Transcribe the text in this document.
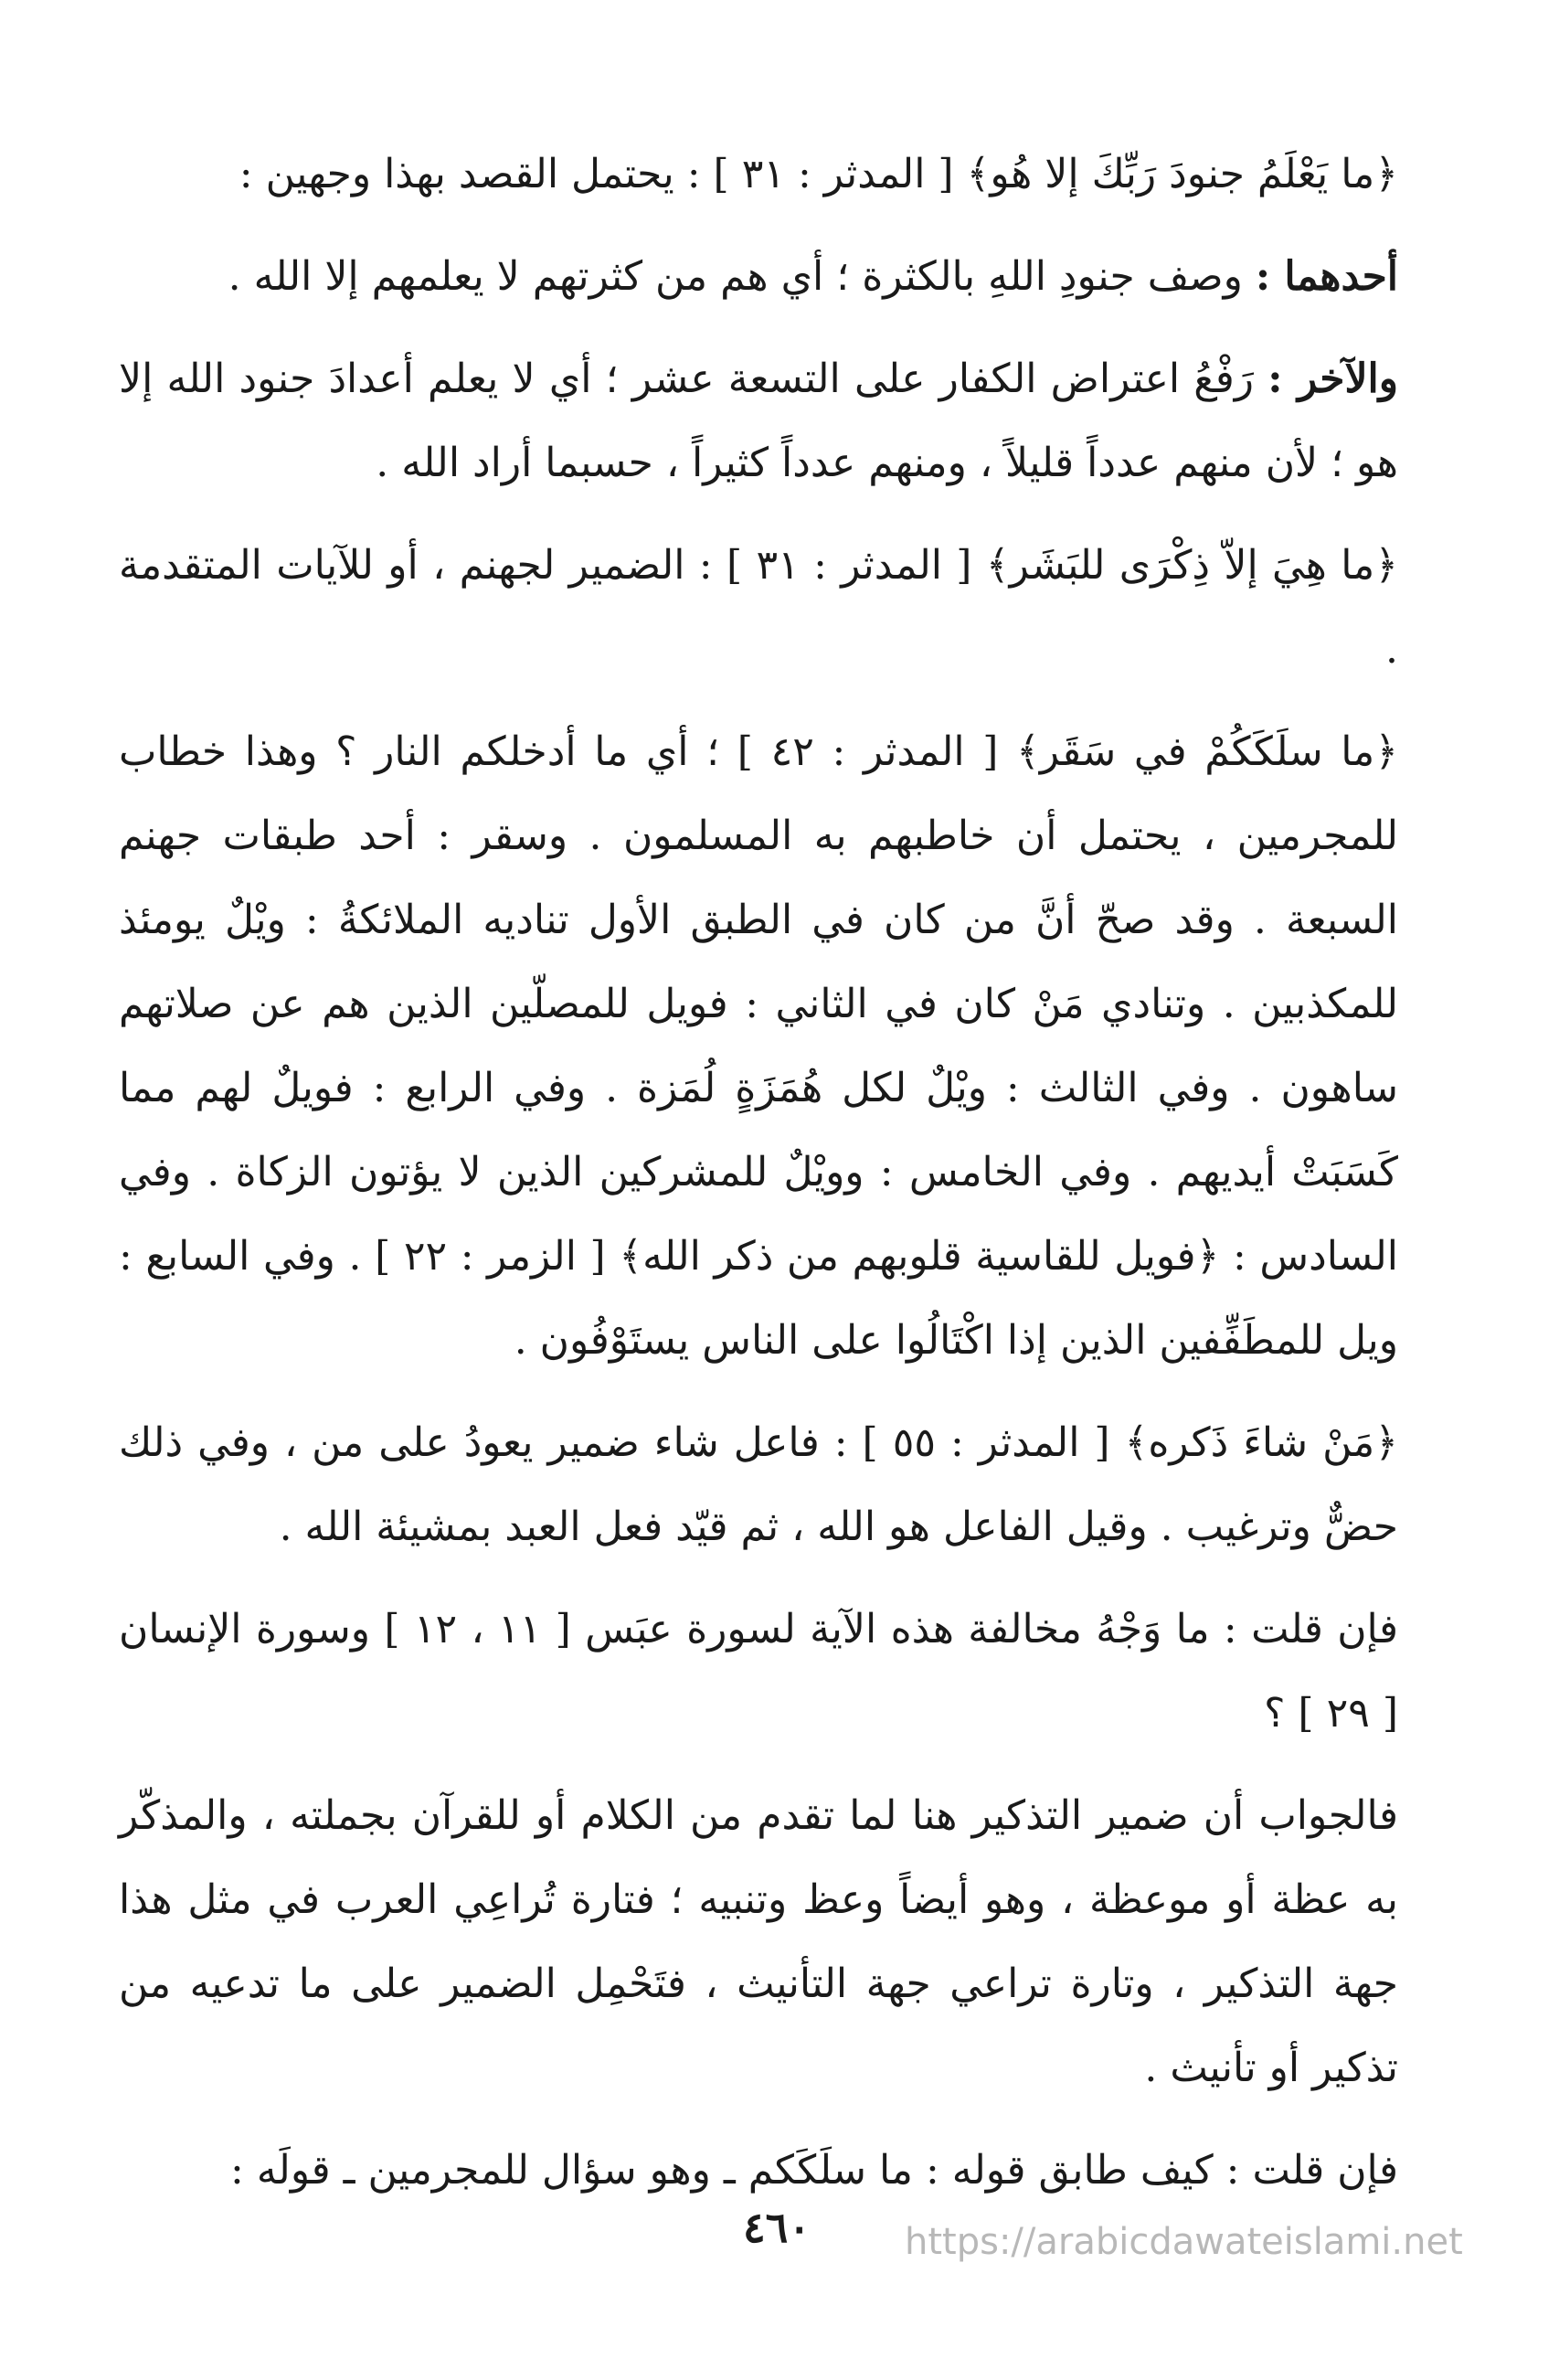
﴿ما يَعْلَمُ جنودَ رَبِّكَ إلا هُو﴾ [ المدثر : ٣١ ] : يحتمل القصد بهذا وجهين :

أحدهما : وصف جنودِ اللهِ بالكثرة ؛ أي هم من كثرتهم لا يعلمهم إلا الله .

والآخر : رَفْعُ اعتراض الكفار على التسعة عشر ؛ أي لا يعلم أعدادَ جنود الله إلا هو ؛ لأن منهم عدداً قليلاً ، ومنهم عدداً كثيراً ، حسبما أراد الله .

﴿ما هِيَ إلاّ ذِكْرَى للبَشَر﴾ [ المدثر : ٣١ ] : الضمير لجهنم ، أو للآيات المتقدمة .

﴿ما سلَكَكُمْ في سَقَر﴾ [ المدثر : ٤٢ ] ؛ أي ما أدخلكم النار ؟ وهذا خطاب للمجرمين ، يحتمل أن خاطبهم به المسلمون . وسقر : أحد طبقات جهنم السبعة . وقد صحّ أنَّ من كان في الطبق الأول تناديه الملائكةُ : ويْلٌ يومئذ للمكذبين . وتنادي مَنْ كان في الثاني : فويل للمصلّين الذين هم عن صلاتهم ساهون . وفي الثالث : ويْلٌ لكل هُمَزَةٍ لُمَزة . وفي الرابع : فويلٌ لهم مما كَسَبَتْ أيديهم . وفي الخامس : وويْلٌ للمشركين الذين لا يؤتون الزكاة . وفي السادس : ﴿فويل للقاسية قلوبهم من ذكر الله﴾ [ الزمر : ٢٢ ] . وفي السابع : ويل للمطَفِّفين الذين إذا اكْتَالُوا على الناس يستَوْفُون .

﴿مَنْ شاءَ ذَكره﴾ [ المدثر : ٥٥ ] : فاعل شاء ضمير يعودُ على من ، وفي ذلك حضٌّ وترغيب . وقيل الفاعل هو الله ، ثم قيّد فعل العبد بمشيئة الله .

فإن قلت : ما وَجْهُ مخالفة هذه الآية لسورة عبَس [ ١١ ، ١٢ ] وسورة الإنسان [ ٢٩ ] ؟

فالجواب أن ضمير التذكير هنا لما تقدم من الكلام أو للقرآن بجملته ، والمذكّر به عظة أو موعظة ، وهو أيضاً وعظ وتنبيه ؛ فتارة تُراعِي العرب في مثل هذا جهة التذكير ، وتارة تراعي جهة التأنيث ، فتَحْمِل الضمير على ما تدعيه من تذكير أو تأنيث .

فإن قلت : كيف طابق قوله : ما سلَكَكم ـ وهو سؤال للمجرمين ـ قولَه :

٤٦٠	https://arabicdawateislami.net
